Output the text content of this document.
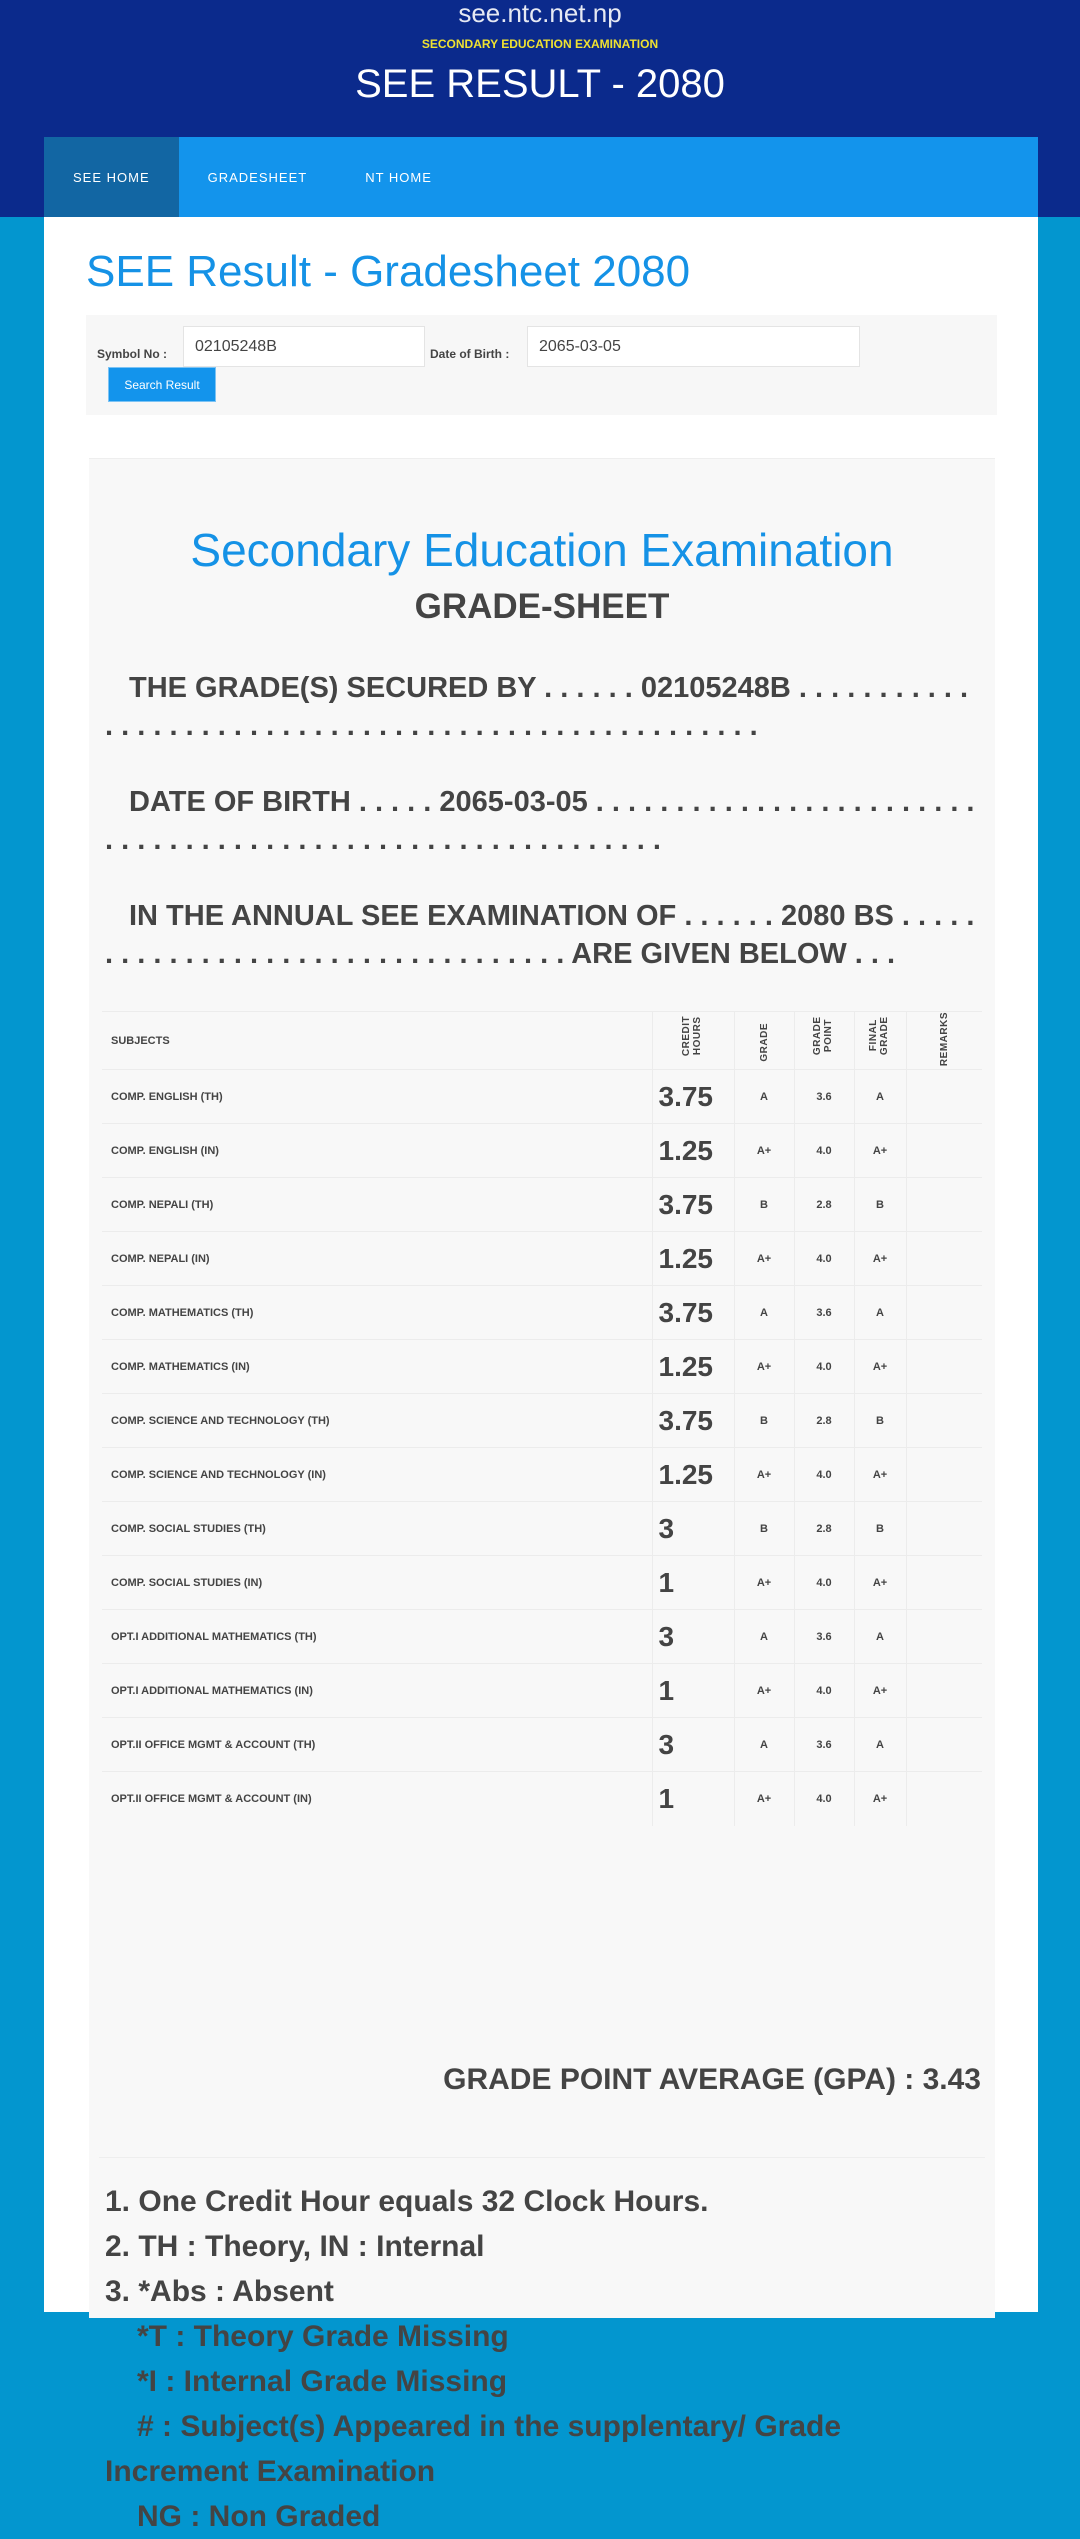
see.ntc.net.np
SECONDARY EDUCATION EXAMINATION
SEE RESULT - 2080
SEE HOME	GRADESHEET	NT HOME
SEE Result - Gradesheet 2080
Symbol No :	02105248B	Date of Birth :	2065-03-05
Search Result
Secondary Education Examination
GRADE-SHEET
THE GRADE(S) SECURED BY . . . . . . 02105248B . . . . . . . . . . . . . . . . . . . . . . . . . . . . . . . . . . . . . . . . . . . . . . . . . . . .
DATE OF BIRTH . . . . . 2065-03-05 . . . . . . . . . . . . . . . . . . . . . . . . . . . . . . . . . . . . . . . . . . . . . . . . . . . . . . . . . . .
IN THE ANNUAL SEE EXAMINATION OF . . . . . . 2080 BS . . . . . . . . . . . . . . . . . . . . . . . . . . . . . . . . . . ARE GIVEN BELOW . . .
SUBJECTS	CREDIT HOURS	GRADE	GRADE POINT	FINAL GRADE	REMARKS
COMP. ENGLISH (TH)	3.75	A	3.6	A	
COMP. ENGLISH (IN)	1.25	A+	4.0	A+	
COMP. NEPALI (TH)	3.75	B	2.8	B	
COMP. NEPALI (IN)	1.25	A+	4.0	A+	
COMP. MATHEMATICS (TH)	3.75	A	3.6	A	
COMP. MATHEMATICS (IN)	1.25	A+	4.0	A+	
COMP. SCIENCE AND TECHNOLOGY (TH)	3.75	B	2.8	B	
COMP. SCIENCE AND TECHNOLOGY (IN)	1.25	A+	4.0	A+	
COMP. SOCIAL STUDIES (TH)	3	B	2.8	B	
COMP. SOCIAL STUDIES (IN)	1	A+	4.0	A+	
OPT.I ADDITIONAL MATHEMATICS (TH)	3	A	3.6	A	
OPT.I ADDITIONAL MATHEMATICS (IN)	1	A+	4.0	A+	
OPT.II OFFICE MGMT & ACCOUNT (TH)	3	A	3.6	A	
OPT.II OFFICE MGMT & ACCOUNT (IN)	1	A+	4.0	A+	
GRADE POINT AVERAGE (GPA) : 3.43
1. One Credit Hour equals 32 Clock Hours.
2. TH : Theory, IN : Internal
3. *Abs : Absent
*T : Theory Grade Missing
*I : Internal Grade Missing
# : Subject(s) Appeared in the supplentary/ Grade
Increment Examination
NG : Non Graded
